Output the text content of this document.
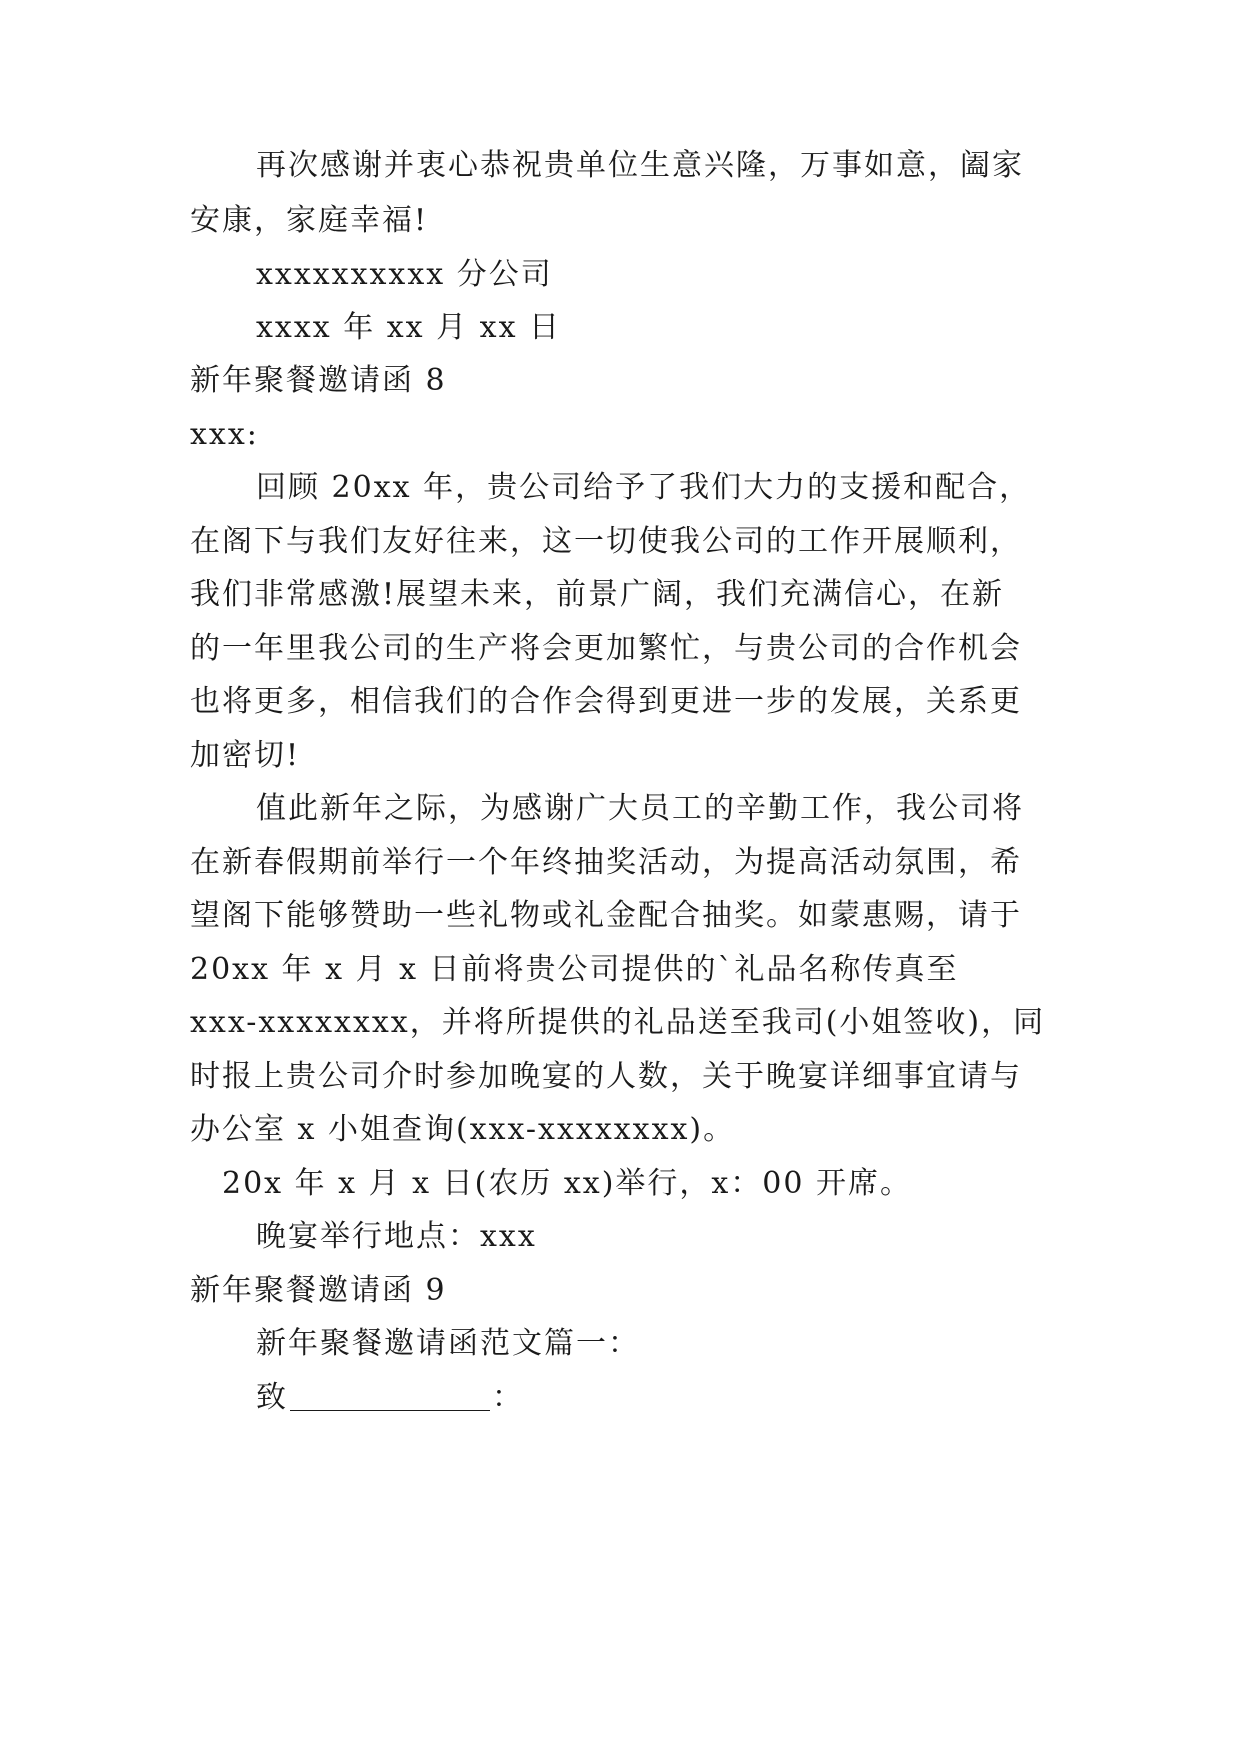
再次感谢并衷心恭祝贵单位生意兴隆，万事如意，阖家
安康，家庭幸福!
xxxxxxxxxx 分公司
xxxx 年 xx 月 xx 日
新年聚餐邀请函 8
xxx:
回顾 20xx 年，贵公司给予了我们大力的支援和配合，
在阁下与我们友好往来，这一切使我公司的工作开展顺利，
我们非常感激!展望未来，前景广阔，我们充满信心，在新
的一年里我公司的生产将会更加繁忙，与贵公司的合作机会
也将更多，相信我们的合作会得到更进一步的发展，关系更
加密切!
值此新年之际，为感谢广大员工的辛勤工作，我公司将
在新春假期前举行一个年终抽奖活动，为提高活动氛围，希
望阁下能够赞助一些礼物或礼金配合抽奖。如蒙惠赐，请于
20xx 年 x 月 x 日前将贵公司提供的`礼品名称传真至
xxx-xxxxxxxx，并将所提供的礼品送至我司(小姐签收)，同
时报上贵公司介时参加晚宴的人数，关于晚宴详细事宜请与
办公室 x 小姐查询(xxx-xxxxxxxx)。
20x 年 x 月 x 日(农历 xx)举行，x：00 开席。
晚宴举行地点：xxx
新年聚餐邀请函 9
新年聚餐邀请函范文篇一：
致	：
